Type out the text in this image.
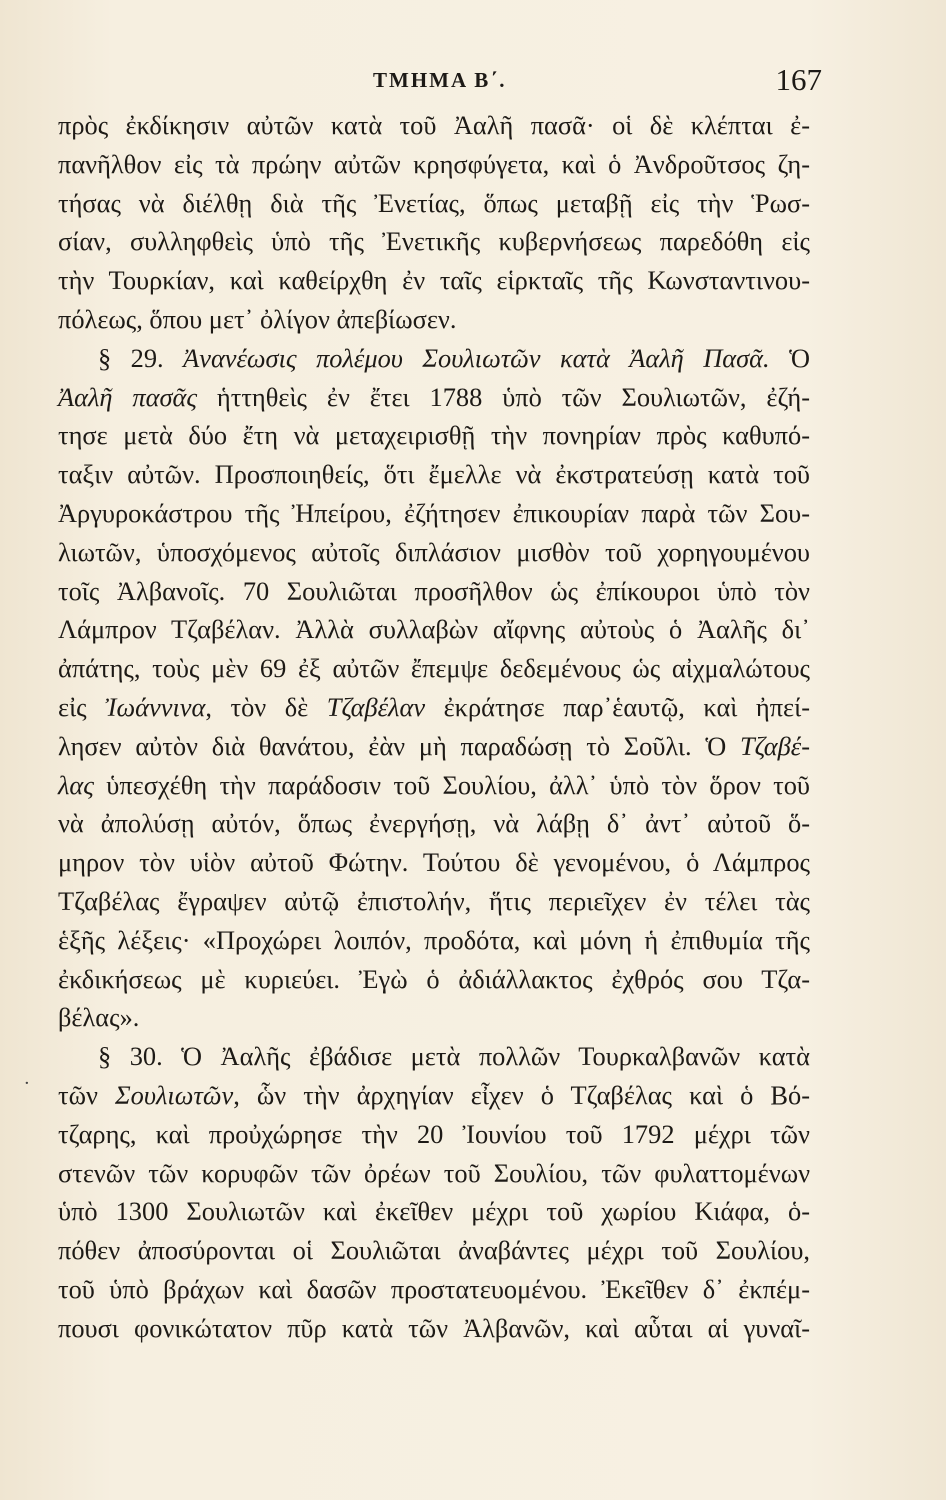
ΤΜΗΜΑ Β΄.	167
·
πρὸς ἐκδίκησιν αὐτῶν κατὰ τοῦ Ἀαλῆ πασᾶ· οἱ δὲ κλέπται ἐ-
πανῆλθον εἰς τὰ πρώην αὐτῶν κρησφύγετα, καὶ ὁ Ἀνδροῦτσος ζη-
τήσας νὰ διέλθῃ διὰ τῆς Ἐνετίας, ὅπως μεταβῇ εἰς τὴν Ῥωσ-
σίαν, συλληφθεὶς ὑπὸ τῆς Ἐνετικῆς κυβερνήσεως παρεδόθη εἰς
τὴν Τουρκίαν, καὶ καθείρχθη ἐν ταῖς εἱρκταῖς τῆς Κωνσταντινου-
πόλεως, ὅπου μετ᾽ ὀλίγον ἀπεβίωσεν.
§ 29. Ἀνανέωσις πολέμου Σουλιωτῶν κατὰ Ἀαλῆ Πασᾶ. Ὁ
Ἀαλῆ πασᾶς ἡττηθεὶς ἐν ἔτει 1788 ὑπὸ τῶν Σουλιωτῶν, ἐζή-
τησε μετὰ δύο ἔτη νὰ μεταχειρισθῇ τὴν πονηρίαν πρὸς καθυπό-
ταξιν αὐτῶν. Προσποιηθείς, ὅτι ἔμελλε νὰ ἐκστρατεύσῃ κατὰ τοῦ
Ἀργυροκάστρου τῆς Ἠπείρου, ἐζήτησεν ἐπικουρίαν παρὰ τῶν Σου-
λιωτῶν, ὑποσχόμενος αὐτοῖς διπλάσιον μισθὸν τοῦ χορηγουμένου
τοῖς Ἀλβανοῖς. 70 Σουλιῶται προσῆλθον ὡς ἐπίκουροι ὑπὸ τὸν
Λάμπρον Τζαβέλαν. Ἀλλὰ συλλαβὼν αἴφνης αὐτοὺς ὁ Ἀαλῆς δι᾽
ἀπάτης, τοὺς μὲν 69 ἐξ αὐτῶν ἔπεμψε δεδεμένους ὡς αἰχμαλώτους
εἰς Ἰωάννινα, τὸν δὲ Τζαβέλαν ἐκράτησε παρ᾽ἑαυτῷ, καὶ ἠπεί-
λησεν αὐτὸν διὰ θανάτου, ἐὰν μὴ παραδώσῃ τὸ Σοῦλι. Ὁ Τζαβέ-
λας ὑπεσχέθη τὴν παράδοσιν τοῦ Σουλίου, ἀλλ᾽ ὑπὸ τὸν ὅρον τοῦ
νὰ ἀπολύσῃ αὐτόν, ὅπως ἐνεργήσῃ, νὰ λάβῃ δ᾽ ἀντ᾽ αὐτοῦ ὅ-
μηρον τὸν υἱὸν αὐτοῦ Φώτην. Τούτου δὲ γενομένου, ὁ Λάμπρος
Τζαβέλας ἔγραψεν αὐτῷ ἐπιστολήν, ἥτις περιεῖχεν ἐν τέλει τὰς
ἑξῆς λέξεις· «Προχώρει λοιπόν, προδότα, καὶ μόνη ἡ ἐπιθυμία τῆς
ἐκδικήσεως μὲ κυριεύει. Ἐγὼ ὁ ἀδιάλλακτος ἐχθρός σου Τζα-
βέλας».
§ 30. Ὁ Ἀαλῆς ἐβάδισε μετὰ πολλῶν Τουρκαλβανῶν κατὰ
τῶν Σουλιωτῶν, ὧν τὴν ἀρχηγίαν εἶχεν ὁ Τζαβέλας καὶ ὁ Βό-
τζαρης, καὶ προὐχώρησε τὴν 20 Ἰουνίου τοῦ 1792 μέχρι τῶν
στενῶν τῶν κορυφῶν τῶν ὀρέων τοῦ Σουλίου, τῶν φυλαττομένων
ὑπὸ 1300 Σουλιωτῶν καὶ ἐκεῖθεν μέχρι τοῦ χωρίου Κιάφα, ὁ-
πόθεν ἀποσύρονται οἱ Σουλιῶται ἀναβάντες μέχρι τοῦ Σουλίου,
τοῦ ὑπὸ βράχων καὶ δασῶν προστατευομένου. Ἐκεῖθεν δ᾽ ἐκπέμ-
πουσι φονικώτατον πῦρ κατὰ τῶν Ἀλβανῶν, καὶ αὗται αἱ γυναῖ-
